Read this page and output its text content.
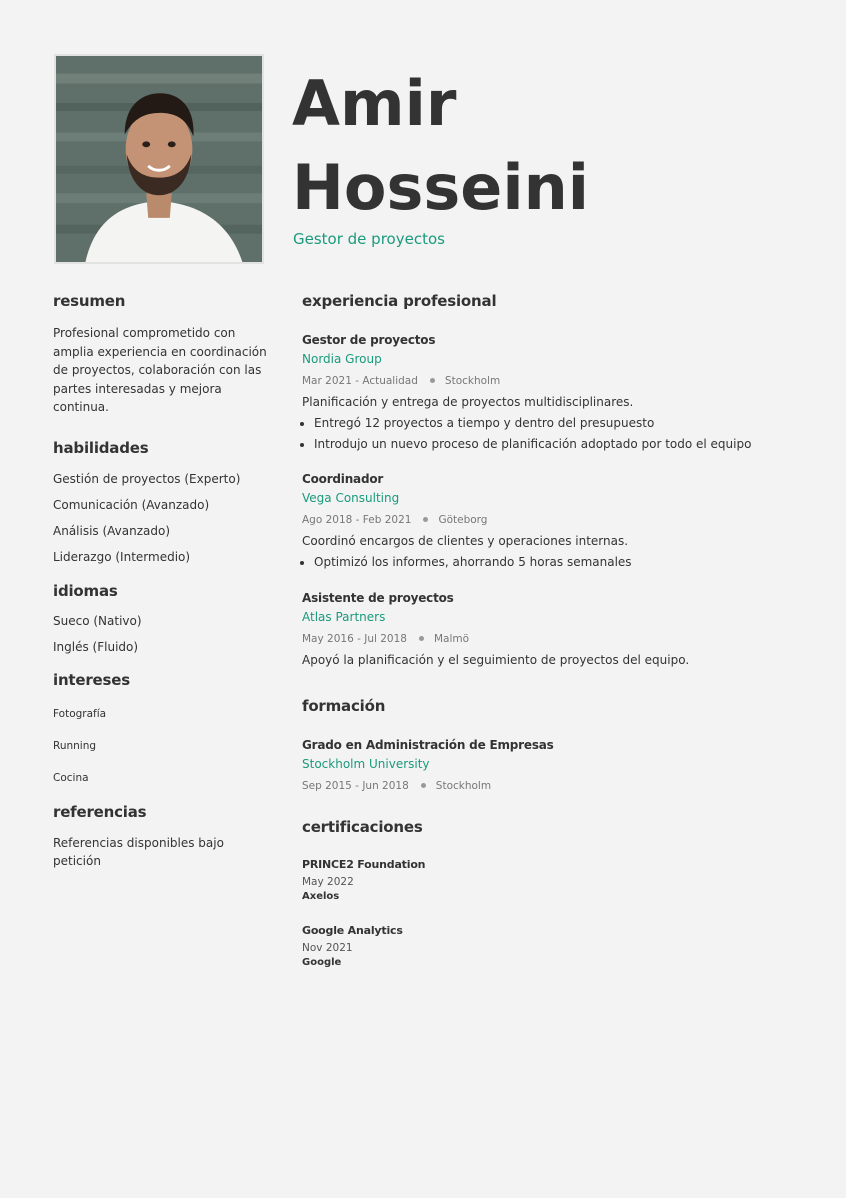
Amir
Hosseini
Gestor de proyectos
resumen

Profesional comprometido con amplia experiencia en coordinación de proyectos, colaboración con las partes interesadas y mejora continua.

habilidades
Gestión de proyectos (Experto)
Comunicación (Avanzado)
Análisis (Avanzado)
Liderazgo (Intermedio)
idiomas
Sueco (Nativo)
Inglés (Fluido)
intereses
Fotografía
Running
Cocina
referencias

Referencias disponibles bajo petición

experiencia profesional
Gestor de proyectos
Nordia Group
Mar 2021 - Actualidad	Stockholm
Planificación y entrega de proyectos multidisciplinares.
• Entregó 12 proyectos a tiempo y dentro del presupuesto
• Introdujo un nuevo proceso de planificación adoptado por todo el equipo
Coordinador
Vega Consulting
Ago 2018 - Feb 2021	Göteborg
Coordinó encargos de clientes y operaciones internas.
• Optimizó los informes, ahorrando 5 horas semanales
Asistente de proyectos
Atlas Partners
May 2016 - Jul 2018	Malmö
Apoyó la planificación y el seguimiento de proyectos del equipo.
formación
Grado en Administración de Empresas
Stockholm University
Sep 2015 - Jun 2018	Stockholm
certificaciones
PRINCE2 Foundation
May 2022
Axelos
Google Analytics
Nov 2021
Google
